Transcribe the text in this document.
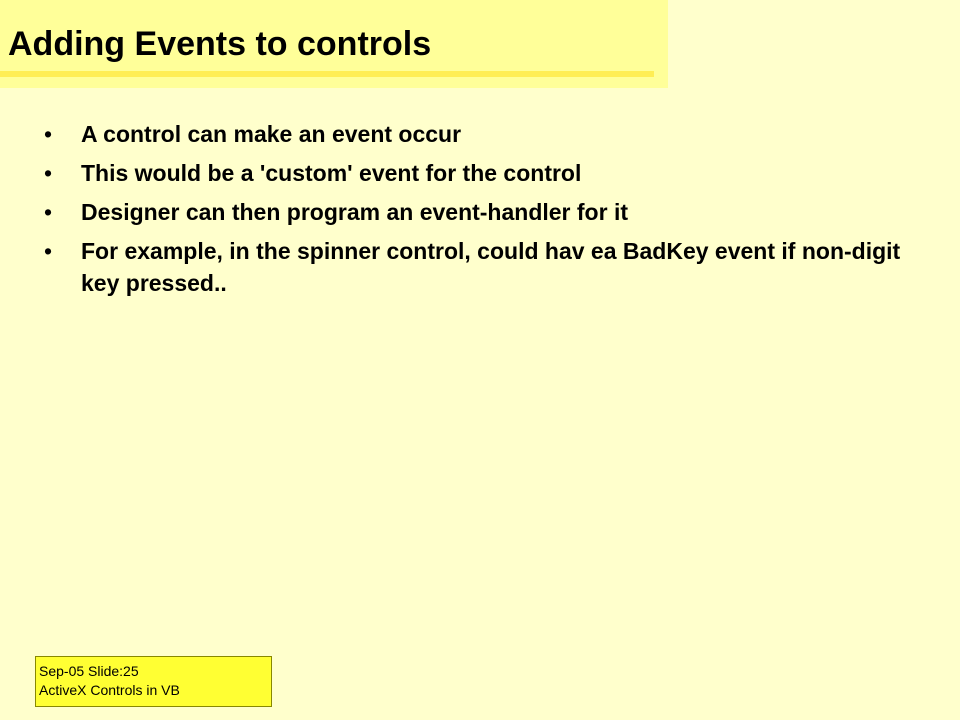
Adding Events to controls
• A control can make an event occur
• This would be a 'custom' event for the control
• Designer can then program an event-handler for it
• For example, in the spinner control, could hav ea BadKey event if non-digit key pressed..
Sep-05 Slide:25
ActiveX Controls in VB
